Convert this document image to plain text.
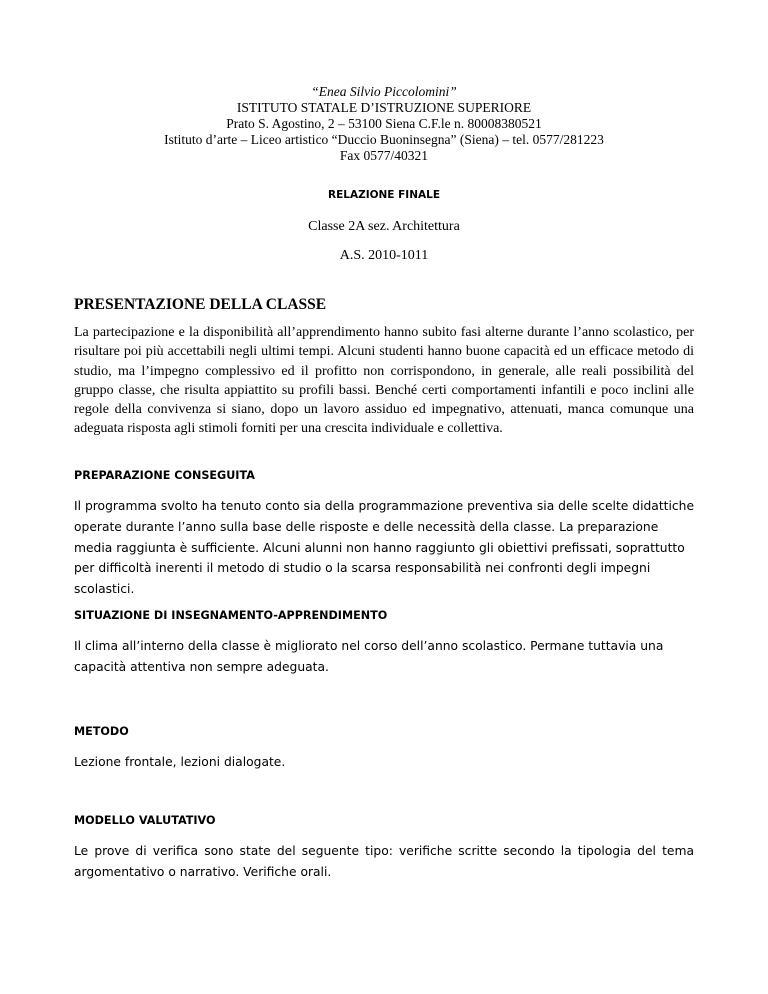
“Enea Silvio Piccolomini”
ISTITUTO STATALE D’ISTRUZIONE SUPERIORE
Prato S. Agostino, 2 – 53100 Siena C.F.le n. 80008380521
Istituto d’arte – Liceo artistico “Duccio Buoninsegna” (Siena) – tel. 0577/281223
Fax 0577/40321
RELAZIONE FINALE
Classe 2A sez. Architettura
A.S. 2010-1011
PRESENTAZIONE DELLA CLASSE

La partecipazione e la disponibilità all’apprendimento hanno subito fasi alterne durante l’anno scolastico, per risultare poi più accettabili negli ultimi tempi. Alcuni studenti hanno buone capacità ed un efficace metodo di studio, ma l’impegno complessivo ed il profitto non corrispondono, in generale, alle reali possibilità del gruppo classe, che risulta appiattito su profili bassi. Benché certi comportamenti infantili e poco inclini alle regole della convivenza si siano, dopo un lavoro assiduo ed impegnativo, attenuati, manca comunque una adeguata risposta agli stimoli forniti per una crescita individuale e collettiva.

PREPARAZIONE CONSEGUITA

Il programma svolto ha tenuto conto sia della programmazione preventiva sia delle scelte didattiche operate durante l’anno sulla base delle risposte e delle necessità della classe. La preparazione media raggiunta è sufficiente. Alcuni alunni non hanno raggiunto gli obiettivi prefissati, soprattutto per difficoltà inerenti il metodo di studio o la scarsa responsabilità nei confronti degli impegni scolastici.

SITUAZIONE DI INSEGNAMENTO-APPRENDIMENTO

Il clima all’interno della classe è migliorato nel corso dell’anno scolastico. Permane tuttavia una capacità attentiva non sempre adeguata.

METODO

Lezione frontale, lezioni dialogate.

MODELLO VALUTATIVO

Le prove di verifica sono state del seguente tipo: verifiche scritte secondo la tipologia del tema argomentativo o narrativo. Verifiche orali.
